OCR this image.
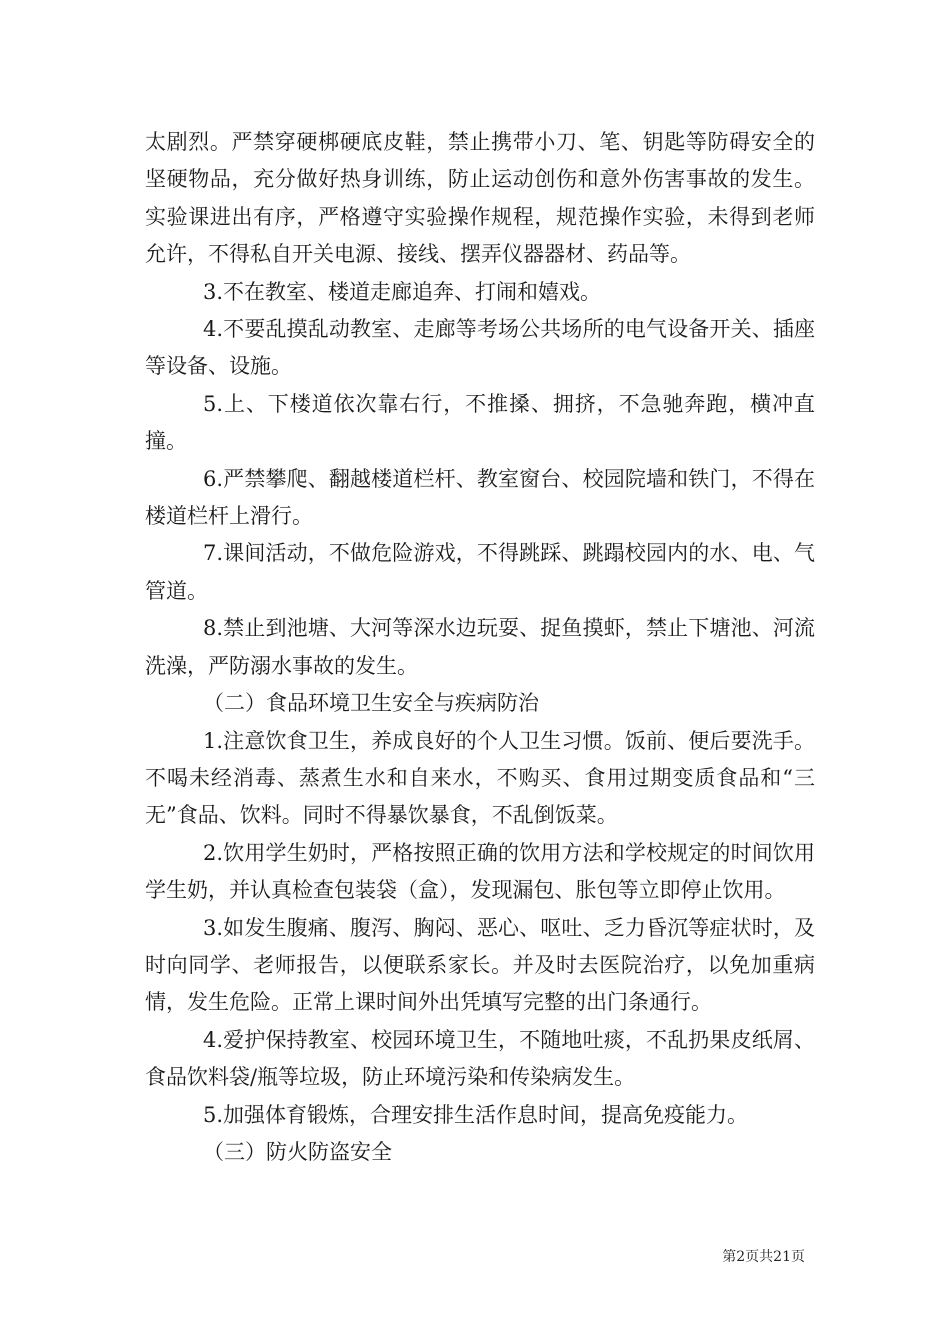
太剧烈。严禁穿硬梆硬底皮鞋，禁止携带小刀、笔、钥匙等防碍安全的坚硬物品，充分做好热身训练，防止运动创伤和意外伤害事故的发生。实验课进出有序，严格遵守实验操作规程，规范操作实验，未得到老师允许，不得私自开关电源、接线、摆弄仪器器材、药品等。

3.不在教室、楼道走廊追奔、打闹和嬉戏。

4.不要乱摸乱动教室、走廊等考场公共场所的电气设备开关、插座等设备、设施。

5.上、下楼道依次靠右行，不推搡、拥挤，不急驰奔跑，横冲直撞。

6.严禁攀爬、翻越楼道栏杆、教室窗台、校园院墙和铁门，不得在楼道栏杆上滑行。

7.课间活动，不做危险游戏，不得跳踩、跳蹋校园内的水、电、气管道。

8.禁止到池塘、大河等深水边玩耍、捉鱼摸虾，禁止下塘池、河流洗澡，严防溺水事故的发生。

（二）食品环境卫生安全与疾病防治

1.注意饮食卫生，养成良好的个人卫生习惯。饭前、便后要洗手。不喝未经消毒、蒸煮生水和自来水，不购买、食用过期变质食品和“三无”食品、饮料。同时不得暴饮暴食，不乱倒饭菜。

2.饮用学生奶时，严格按照正确的饮用方法和学校规定的时间饮用学生奶，并认真检查包装袋（盒），发现漏包、胀包等立即停止饮用。

3.如发生腹痛、腹泻、胸闷、恶心、呕吐、乏力昏沉等症状时，及时向同学、老师报告，以便联系家长。并及时去医院治疗，以免加重病情，发生危险。正常上课时间外出凭填写完整的出门条通行。

4.爱护保持教室、校园环境卫生，不随地吐痰，不乱扔果皮纸屑、食品饮料袋/瓶等垃圾，防止环境污染和传染病发生。

5.加强体育锻炼，合理安排生活作息时间，提高免疫能力。

（三）防火防盗安全

第2页共21页
